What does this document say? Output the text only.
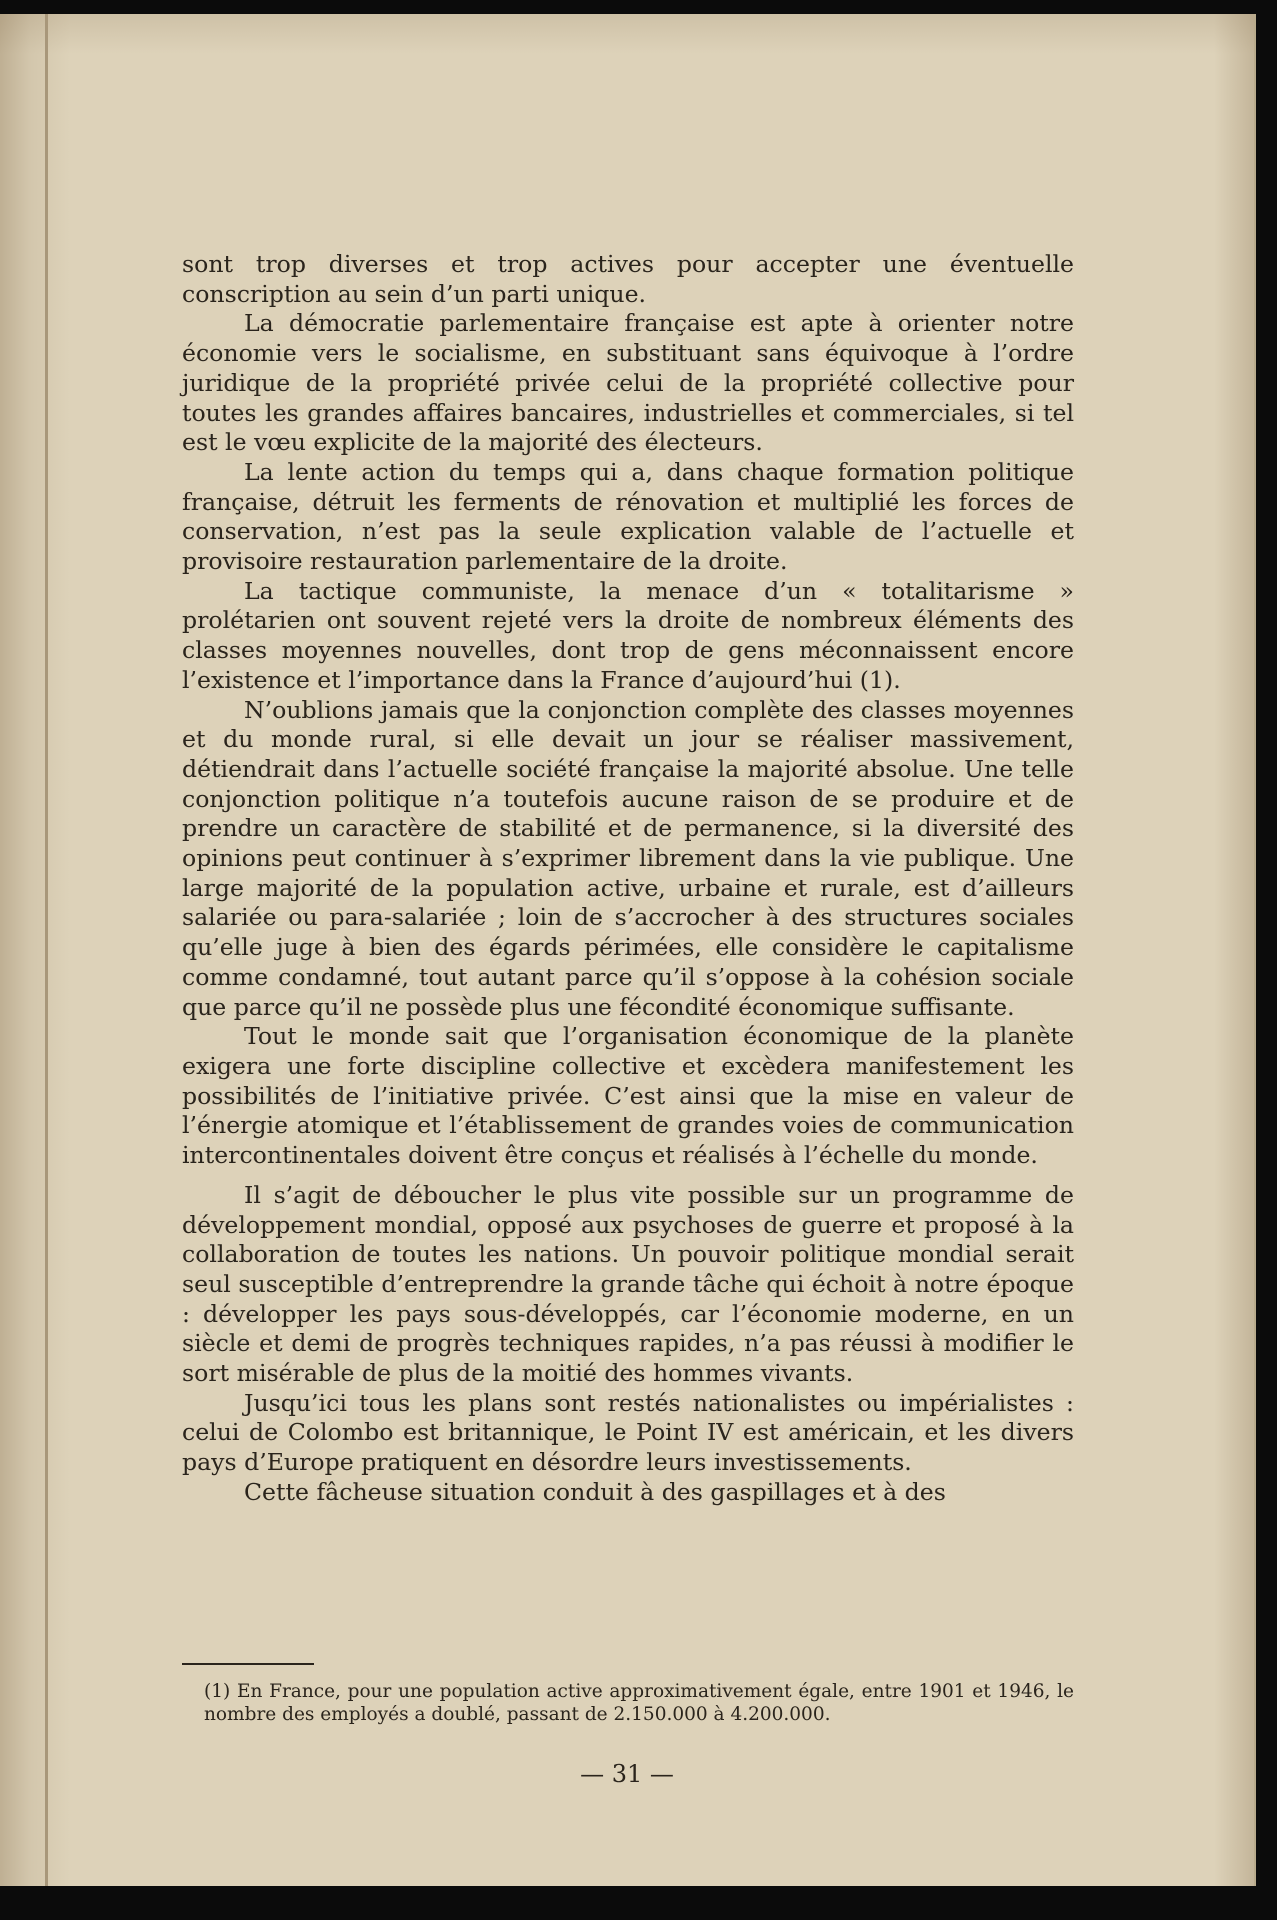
sont trop diverses et trop actives pour accepter une éventuelle conscription au sein d’un parti unique.

La démocratie parlementaire française est apte à orienter notre économie vers le socialisme, en substituant sans équivoque à l’ordre juridique de la propriété privée celui de la propriété collective pour toutes les grandes affaires bancaires, industrielles et commerciales, si tel est le vœu explicite de la majorité des électeurs.

La lente action du temps qui a, dans chaque formation politique française, détruit les ferments de rénovation et multiplié les forces de conservation, n’est pas la seule explication valable de l’actuelle et provisoire restauration parlementaire de la droite.

La tactique communiste, la menace d’un « totalitarisme » prolétarien ont souvent rejeté vers la droite de nombreux éléments des classes moyennes nouvelles, dont trop de gens méconnaissent encore l’existence et l’importance dans la France d’aujourd’hui (1).

N’oublions jamais que la conjonction complète des classes moyennes et du monde rural, si elle devait un jour se réaliser massivement, détiendrait dans l’actuelle société française la majorité absolue. Une telle conjonction politique n’a toutefois aucune raison de se produire et de prendre un caractère de stabilité et de permanence, si la diversité des opinions peut continuer à s’exprimer librement dans la vie publique. Une large majorité de la population active, urbaine et rurale, est d’ailleurs salariée ou para-salariée ; loin de s’accrocher à des structures sociales qu’elle juge à bien des égards périmées, elle considère le capitalisme comme condamné, tout autant parce qu’il s’oppose à la cohésion sociale que parce qu’il ne possède plus une fécondité économique suffisante.

Tout le monde sait que l’organisation économique de la planète exigera une forte discipline collective et excèdera manifestement les possibilités de l’initiative privée. C’est ainsi que la mise en valeur de l’énergie atomique et l’établissement de grandes voies de communication intercontinentales doivent être conçus et réalisés à l’échelle du monde.

Il s’agit de déboucher le plus vite possible sur un programme de développement mondial, opposé aux psychoses de guerre et proposé à la collaboration de toutes les nations. Un pouvoir politique mondial serait seul susceptible d’entreprendre la grande tâche qui échoit à notre époque : développer les pays sous-développés, car l’économie moderne, en un siècle et demi de progrès techniques rapides, n’a pas réussi à modifier le sort misérable de plus de la moitié des hommes vivants.

Jusqu’ici tous les plans sont restés nationalistes ou impérialistes : celui de Colombo est britannique, le Point IV est américain, et les divers pays d’Europe pratiquent en désordre leurs investissements.

Cette fâcheuse situation conduit à des gaspillages et à des

(1) En France, pour une population active approximativement égale, entre 1901 et 1946, le nombre des employés a doublé, passant de 2.150.000 à 4.200.000.

— 31 —
